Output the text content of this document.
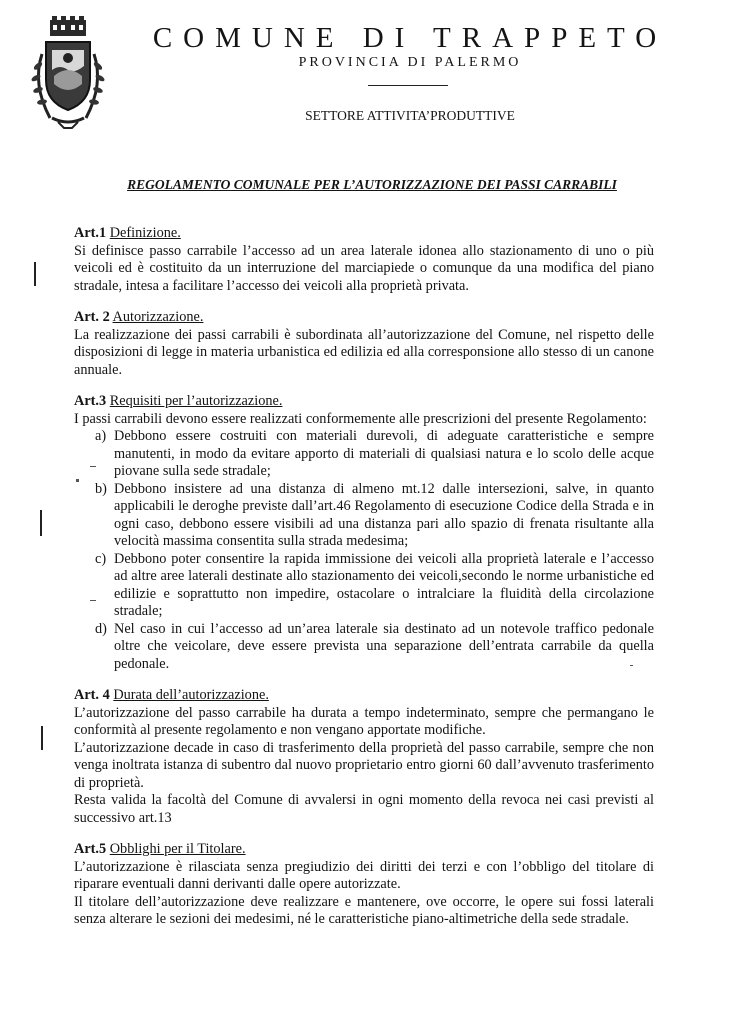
COMUNE DI TRAPPETO
PROVINCIA DI PALERMO
SETTORE ATTIVITA’PRODUTTIVE
REGOLAMENTO COMUNALE PER L’AUTORIZZAZIONE DEI PASSI CARRABILI
Art.1 Definizione.
Si definisce passo carrabile l’accesso ad un area laterale idonea allo stazionamento di uno o più veicoli ed è costituito da un interruzione del marciapiede o comunque da una modifica del piano stradale, intesa a facilitare l’accesso dei veicoli alla proprietà privata.
Art. 2 Autorizzazione.
La realizzazione dei passi carrabili è subordinata all’autorizzazione del Comune, nel rispetto delle disposizioni di legge in materia urbanistica ed edilizia ed alla corresponsione allo stesso di un canone annuale.
Art.3 Requisiti per l’autorizzazione.
I passi carrabili devono essere realizzati conformemente alle prescrizioni del presente Regolamento:
a) Debbono essere costruiti con materiali durevoli, di adeguate caratteristiche e sempre manutenti, in modo da evitare apporto di materiali di qualsiasi natura e lo scolo delle acque piovane sulla sede stradale;
b) Debbono insistere ad una distanza di almeno mt.12 dalle intersezioni, salve, in quanto applicabili le deroghe previste dall’art.46 Regolamento di esecuzione Codice della Strada e in ogni caso, debbono essere visibili ad una distanza pari allo spazio di frenata risultante alla velocità massima consentita sulla strada medesima;
c) Debbono poter consentire la rapida immissione dei veicoli alla proprietà laterale e l’accesso ad altre aree laterali destinate allo stazionamento dei veicoli,secondo le norme urbanistiche ed edilizie e soprattutto non impedire, ostacolare o intralciare la fluidità della circolazione stradale;
d) Nel caso in cui l’accesso ad un’area laterale sia destinato ad un notevole traffico pedonale oltre che veicolare, deve essere prevista una separazione dell’entrata carrabile da quella pedonale.
Art. 4 Durata dell’autorizzazione.
L’autorizzazione del passo carrabile ha durata a tempo indeterminato, sempre che permangano le conformità al presente regolamento e non vengano apportate modifiche.
L’autorizzazione decade in caso di trasferimento della proprietà del passo carrabile, sempre che non venga inoltrata istanza di subentro dal nuovo proprietario entro giorni 60 dall’avvenuto trasferimento di proprietà.
Resta valida la facoltà del Comune di avvalersi in ogni momento della revoca nei casi previsti al successivo art.13
Art.5 Obblighi per il Titolare.
L’autorizzazione è rilasciata senza pregiudizio dei diritti dei terzi e con l’obbligo del titolare di riparare eventuali danni derivanti dalle opere autorizzate.
Il titolare dell’autorizzazione deve realizzare e mantenere, ove occorre, le opere sui fossi laterali senza alterare le sezioni dei medesimi, né le caratteristiche piano-altimetriche della sede stradale.
